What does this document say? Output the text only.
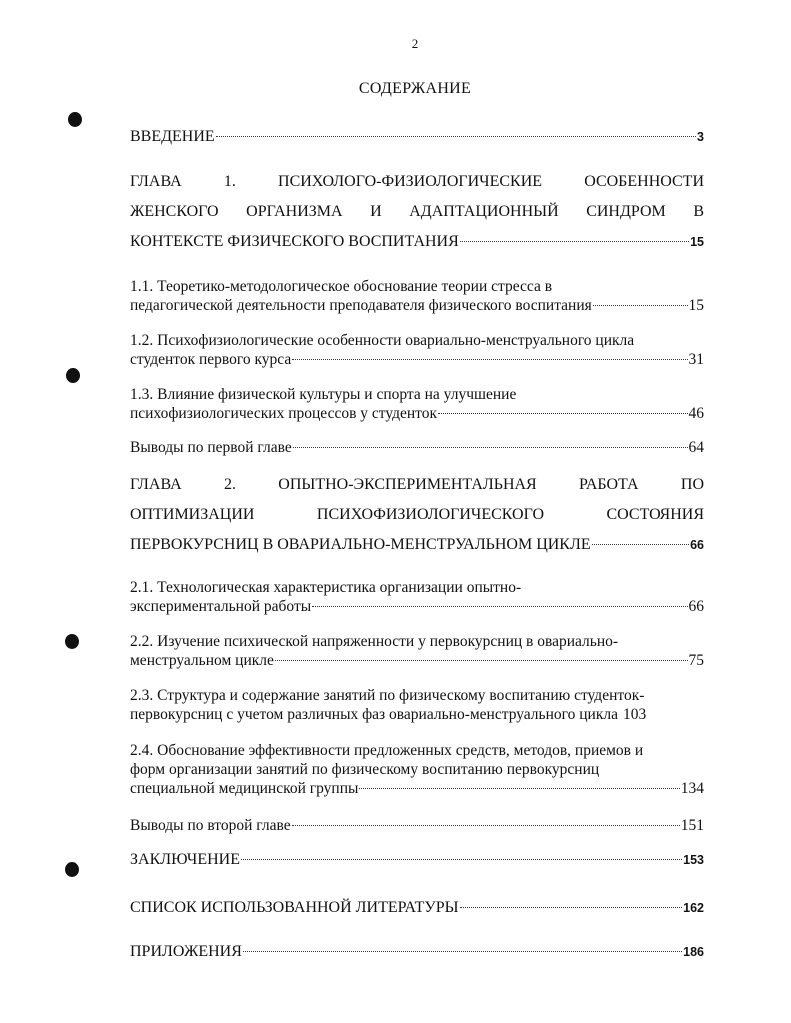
2
СОДЕРЖАНИЕ
ВВЕДЕНИЕ	3
ГЛАВА 1. ПСИХОЛОГО-ФИЗИОЛОГИЧЕСКИЕ ОСОБЕННОСТИ
ЖЕНСКОГО ОРГАНИЗМА И АДАПТАЦИОННЫЙ СИНДРОМ В
КОНТЕКСТЕ ФИЗИЧЕСКОГО ВОСПИТАНИЯ	15
1.1. Теоретико-методологическое обоснование теории стресса в
педагогической деятельности преподавателя физического воспитания	15
1.2. Психофизиологические особенности овариально-менструального цикла
студенток первого курса	31
1.3. Влияние физической культуры и спорта на улучшение
психофизиологических процессов у студенток	46
Выводы по первой главе	64
ГЛАВА 2. ОПЫТНО-ЭКСПЕРИМЕНТАЛЬНАЯ РАБОТА ПО
ОПТИМИЗАЦИИ ПСИХОФИЗИОЛОГИЧЕСКОГО СОСТОЯНИЯ
ПЕРВОКУРСНИЦ В ОВАРИАЛЬНО-МЕНСТРУАЛЬНОМ ЦИКЛЕ	66
2.1. Технологическая характеристика организации опытно-
экспериментальной работы	66
2.2. Изучение психической напряженности у первокурсниц в овариально-
менструальном цикле	75
2.3. Структура и содержание занятий по физическому воспитанию студенток-
первокурсниц с учетом различных фаз овариально-менструального цикла 103
2.4. Обоснование эффективности предложенных средств, методов, приемов и
форм организации занятий по физическому воспитанию первокурсниц
специальной медицинской группы	134
Выводы по второй главе	151
ЗАКЛЮЧЕНИЕ	153
СПИСОК ИСПОЛЬЗОВАННОЙ ЛИТЕРАТУРЫ	162
ПРИЛОЖЕНИЯ	186
